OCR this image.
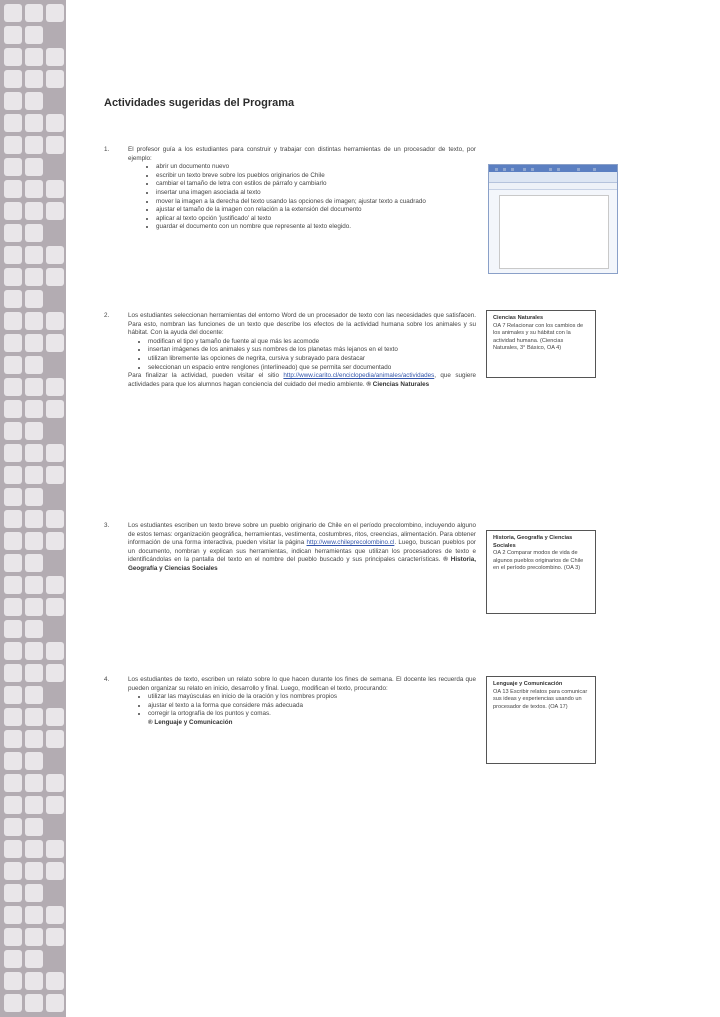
Actividades sugeridas del Programa
1.	El profesor guía a los estudiantes para construir y trabajar con distintas herramientas de un procesador de texto, por ejemplo:
• abrir un documento nuevo
• escribir un texto breve sobre los pueblos originarios de Chile
• cambiar el tamaño de letra con estilos de párrafo y cambiarlo
• insertar una imagen asociada al texto
• mover la imagen a la derecha del texto usando las opciones de imagen; ajustar texto a cuadrado
• ajustar el tamaño de la imagen con relación a la extensión del documento
• aplicar al texto opción 'justificado' al texto
• guardar el documento con un nombre que represente al texto elegido.
2.	Los estudiantes seleccionan herramientas del entorno Word de un procesador de texto con las necesidades que satisfacen. Para esto, nombran las funciones de un texto que describe los efectos de la actividad humana sobre los animales y su hábitat. Con la ayuda del docente:
• modifican el tipo y tamaño de fuente al que más les acomode
• insertan imágenes de los animales y sus nombres de los planetas más lejanos en el texto
• utilizan libremente las opciones de negrita, cursiva y subrayado para destacar
• seleccionan un espacio entre renglones (interlineado) que se permita ser documentado
Para finalizar la actividad, pueden visitar el sitio http://www.icarito.cl/enciclopedia/animales/actividades, que sugiere actividades para que los alumnos hagan conciencia del cuidado del medio ambiente. ® Ciencias Naturales
3.	Los estudiantes escriben un texto breve sobre un pueblo originario de Chile en el período precolombino, incluyendo alguno de estos temas: organización geográfica, herramientas, vestimenta, costumbres, ritos, creencias, alimentación. Para obtener información de una forma interactiva, pueden visitar la página http://www.chileprecolombino.cl. Luego, buscan pueblos por un documento, nombran y explican sus herramientas, indican herramientas que utilizan los procesadores de texto e identificándolas en la pantalla del texto en el nombre del pueblo buscado y sus principales características. ® Historia, Geografía y Ciencias Sociales
4.	Los estudiantes de texto, escriben un relato sobre lo que hacen durante los fines de semana. El docente les recuerda que pueden organizar su relato en inicio, desarrollo y final. Luego, modifican el texto, procurando:
• utilizar las mayúsculas en inicio de la oración y los nombres propios
• ajustar el texto a la forma que considere más adecuada
• corregir la ortografía de los puntos y comas.
® Lenguaje y Comunicación
Ciencias Naturales
OA 7 Relacionar con los cambios de los animales y su hábitat con la actividad humana. (Ciencias Naturales, 3° Básico, OA 4)
Historia, Geografía y Ciencias Sociales
OA 2 Comparar modos de vida de algunos pueblos originarios de Chile en el período precolombino. (OA 3)
Lenguaje y Comunicación
OA 13 Escribir relatos para comunicar sus ideas y experiencias usando un procesador de textos. (OA 17)
